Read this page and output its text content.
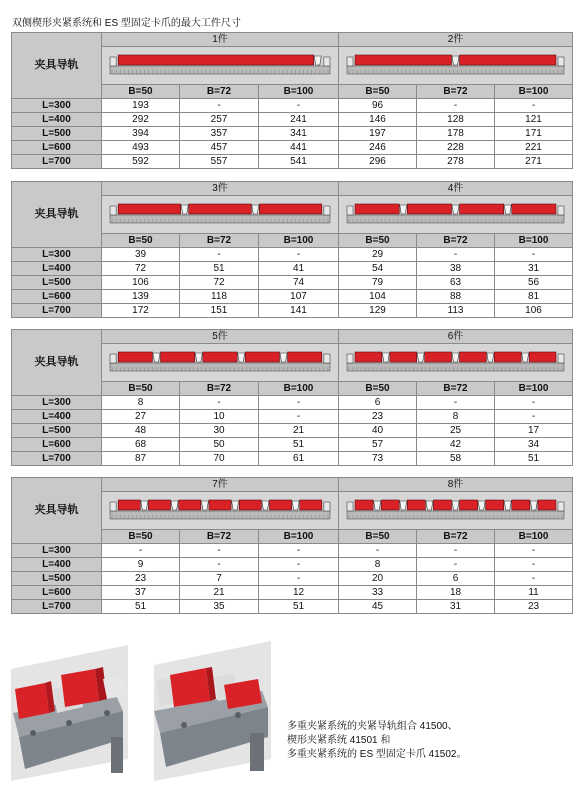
双侧楔形夹紧系统和 ES 型固定卡爪的最大工件尺寸
夹具导轨	1件			2件		

	B=50	B=72	B=100	B=50	B=72	B=100
L=300	193	-	-	96	-	-
L=400	292	257	241	146	128	121
L=500	394	357	341	197	178	171
L=600	493	457	441	246	228	221
L=700	592	557	541	296	278	271
夹具导轨	3件			4件		

	B=50	B=72	B=100	B=50	B=72	B=100
L=300	39	-	-	29	-	-
L=400	72	51	41	54	38	31
L=500	106	72	74	79	63	56
L=600	139	118	107	104	88	81
L=700	172	151	141	129	113	106
夹具导轨	5件			6件		

	B=50	B=72	B=100	B=50	B=72	B=100
L=300	8	-	-	6	-	-
L=400	27	10	-	23	8	-
L=500	48	30	21	40	25	17
L=600	68	50	51	57	42	34
L=700	87	70	61	73	58	51
夹具导轨	7件			8件		

	B=50	B=72	B=100	B=50	B=72	B=100
L=300	-	-	-	-	-	-
L=400	9	-	-	8	-	-
L=500	23	7	-	20	6	-
L=600	37	21	12	33	18	11
L=700	51	35	51	45	31	23
多重夹紧系统的夹紧导轨组合 41500、
楔形夹紧系统 41501 和
多重夹紧系统的 ES 型固定卡爪 41502。
